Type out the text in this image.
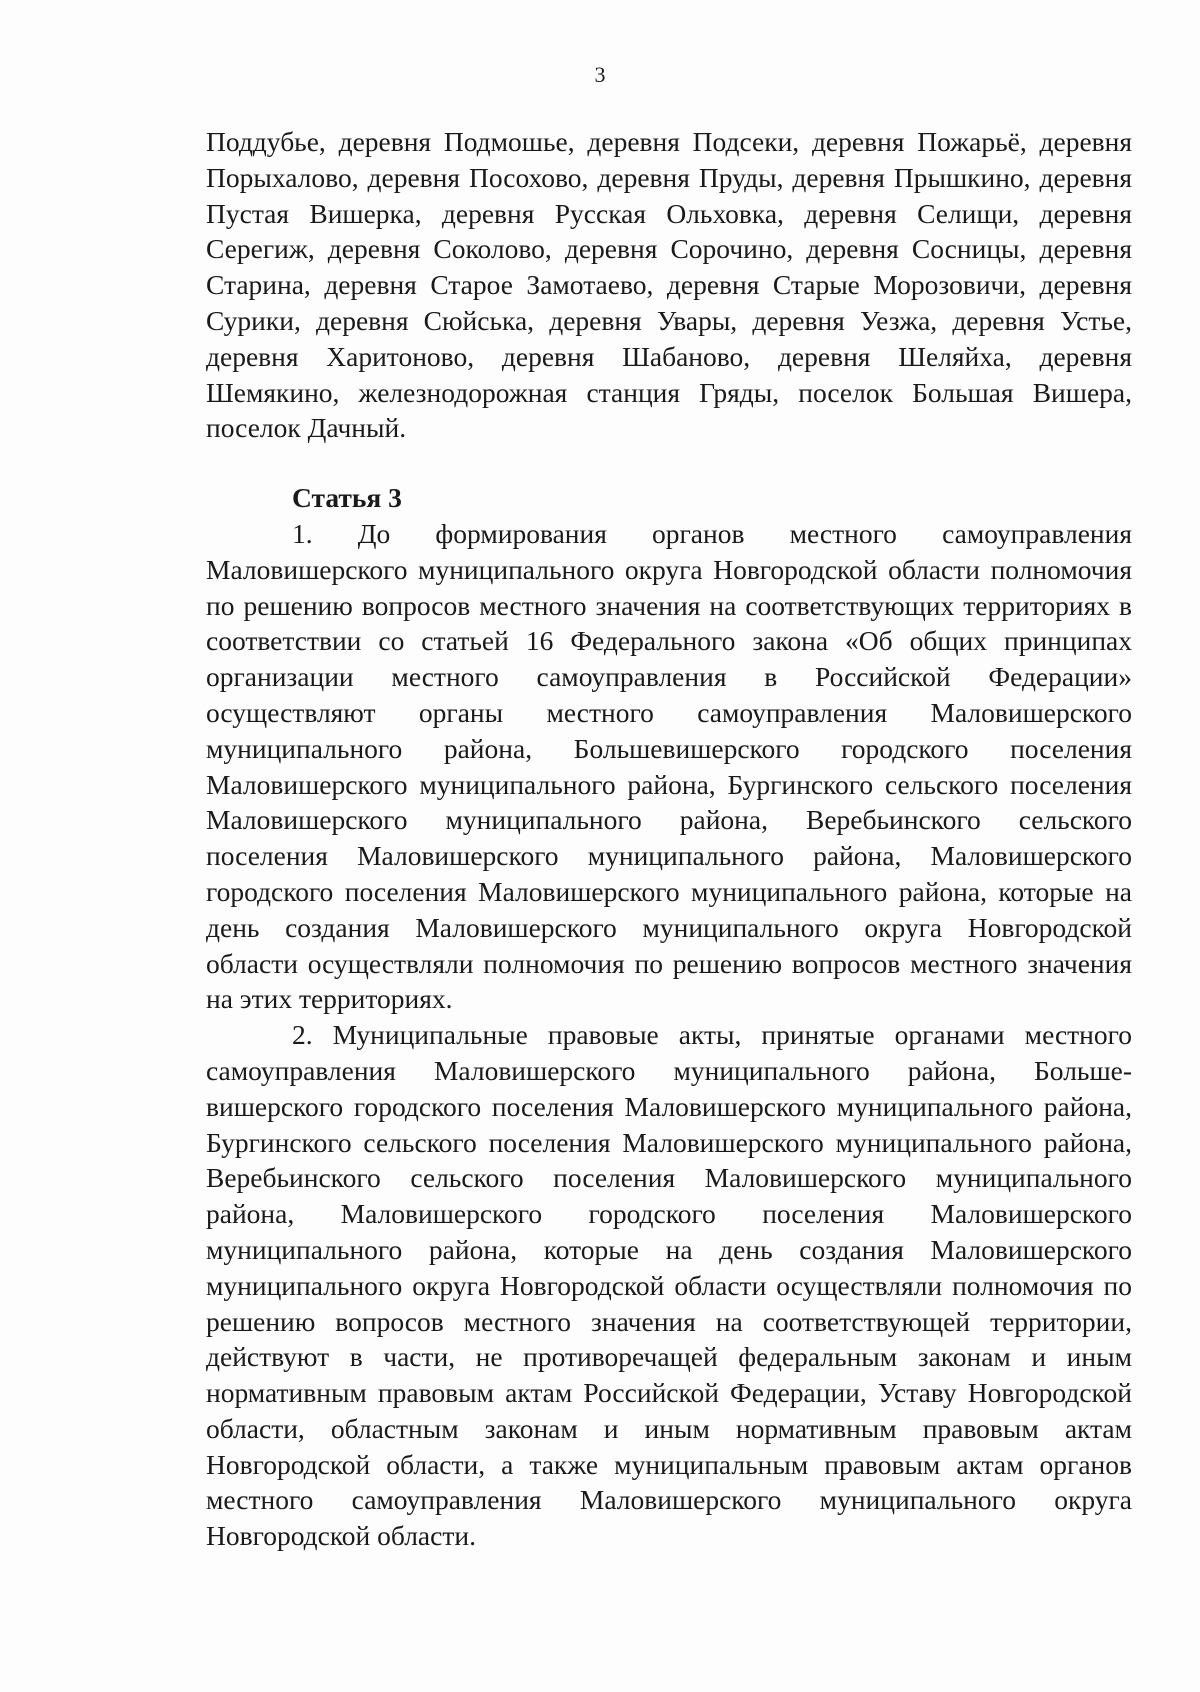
3

Поддубье, деревня Подмошье, деревня Подсеки, деревня Пожарьё, деревня Порыхалово, деревня Посохово, деревня Пруды, деревня Прышкино, деревня Пустая Вишерка, деревня Русская Ольховка, деревня Селищи, деревня Серегиж, деревня Соколово, деревня Сорочино, деревня Сосницы, деревня Старина, деревня Старое Замотаево, деревня Старые Морозовичи, деревня Сурики, деревня Сюйська, деревня Увары, деревня Уезжа, деревня Устье, деревня Харитоново, деревня Шабаново, деревня Шеляйха, деревня Шемякино, железнодорожная станция Гряды, поселок Большая Вишера, поселок Дачный.

Статья 3

1. До формирования органов местного самоуправления Маловишерского муниципального округа Новгородской области полномочия по решению вопросов местного значения на соответствующих территориях в соответствии со статьей 16 Федерального закона «Об общих принципах организации местного самоуправления в Российской Федерации» осуществляют органы местного самоуправления Маловишерского муниципального района, Большевишерского городского поселения Маловишерского муниципального района, Бургинского сельского поселения Маловишерского муниципального района, Веребьинского сельского поселения Маловишерского муниципального района, Маловишерского городского поселения Маловишерского муниципального района, которые на день создания Маловишерского муниципального округа Новгородской области осуществляли полномочия по решению вопросов местного значения на этих территориях.

2. Муниципальные правовые акты, принятые органами местного самоуправления Маловишерского муниципального района, Больше-вишерского городского поселения Маловишерского муниципального района, Бургинского сельского поселения Маловишерского муниципального района, Веребьинского сельского поселения Маловишерского муниципального района, Маловишерского городского поселения Маловишерского муниципального района, которые на день создания Маловишерского муниципального округа Новгородской области осуществляли полномочия по решению вопросов местного значения на соответствующей территории, действуют в части, не противоречащей федеральным законам и иным нормативным правовым актам Российской Федерации, Уставу Новгородской области, областным законам и иным нормативным правовым актам Новгородской области, а также муниципальным правовым актам органов местного самоуправления Маловишерского муниципального округа Новгородской области.
